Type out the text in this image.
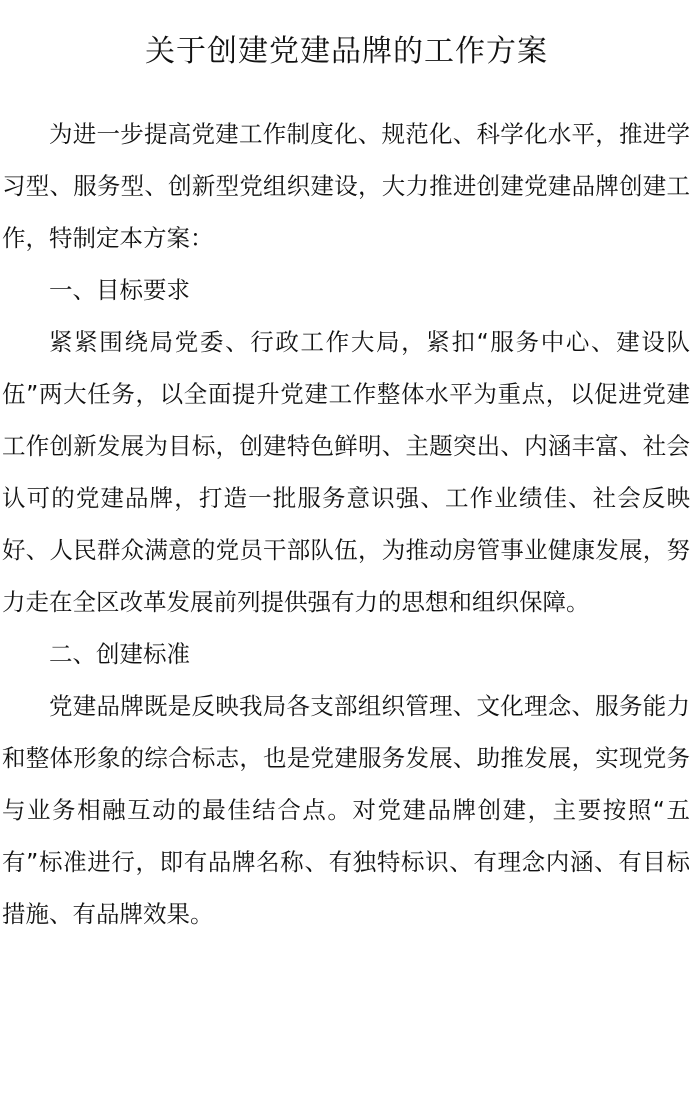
关于创建党建品牌的工作方案

为进一步提高党建工作制度化、规范化、科学化水平，推进学习型、服务型、创新型党组织建设，大力推进创建党建品牌创建工作，特制定本方案：

一、目标要求

紧紧围绕局党委、行政工作大局，紧扣“服务中心、建设队伍”两大任务，以全面提升党建工作整体水平为重点，以促进党建工作创新发展为目标，创建特色鲜明、主题突出、内涵丰富、社会认可的党建品牌，打造一批服务意识强、工作业绩佳、社会反映好、人民群众满意的党员干部队伍，为推动房管事业健康发展，努力走在全区改革发展前列提供强有力的思想和组织保障。

二、创建标准

党建品牌既是反映我局各支部组织管理、文化理念、服务能力和整体形象的综合标志，也是党建服务发展、助推发展，实现党务与业务相融互动的最佳结合点。对党建品牌创建，主要按照“五有”标准进行，即有品牌名称、有独特标识、有理念内涵、有目标措施、有品牌效果。
